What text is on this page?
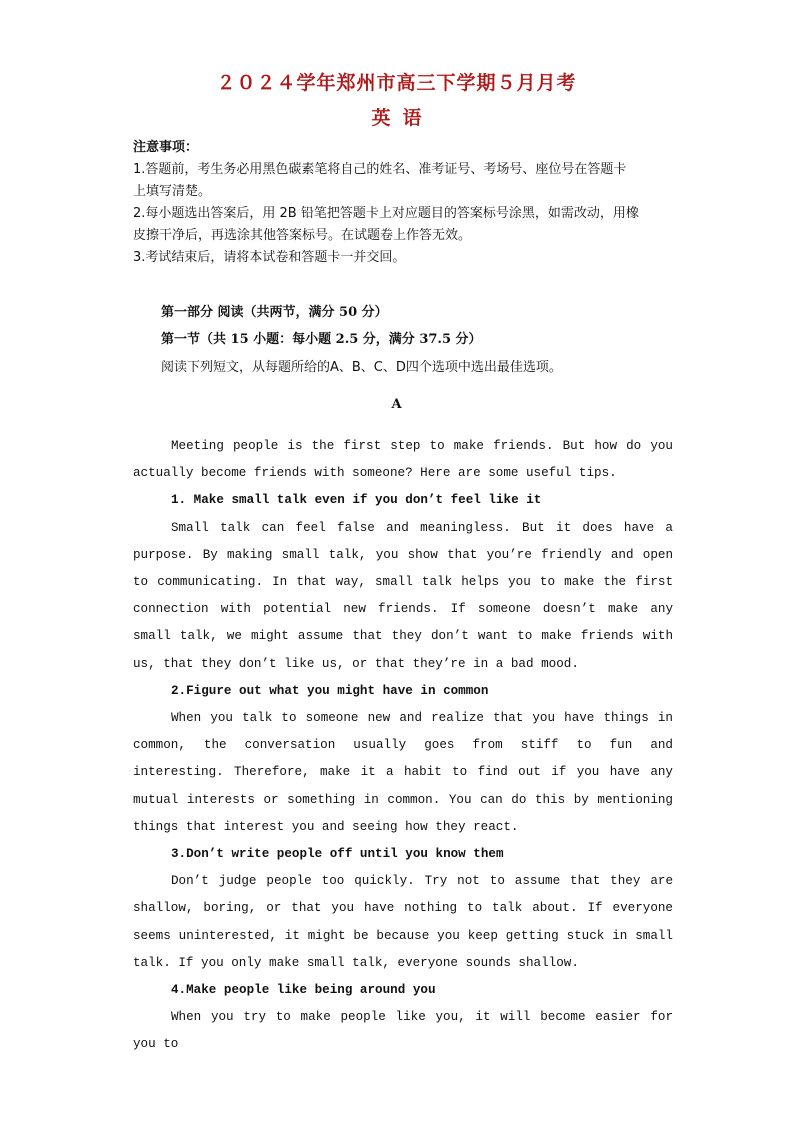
２０２４学年郑州市高三下学期５月月考
英语
注意事项：
1.答题前，考生务必用黑色碳素笔将自己的姓名、准考证号、考场号、座位号在答题卡
上填写清楚。
2.每小题选出答案后，用 2B 铅笔把答题卡上对应题目的答案标号涂黑，如需改动，用橡
皮擦干净后，再选涂其他答案标号。在试题卷上作答无效。
3.考试结束后，请将本试卷和答题卡一并交回。
第一部分 阅读（共两节，满分 50 分）
第一节（共 15 小题：每小题 2.5 分，满分 37.5 分）
阅读下列短文，从每题所给的A、B、C、D四个选项中选出最佳选项。
A

Meeting people is the first step to make friends. But how do you actually become friends with someone? Here are some useful tips.

1. Make small talk even if you don’t feel like it

Small talk can feel false and meaningless. But it does have a purpose. By making small talk, you show that you’re friendly and open to communicating. In that way, small talk helps you to make the first connection with potential new friends. If someone doesn’t make any small talk, we might assume that they don’t want to make friends with us, that they don’t like us, or that they’re in a bad mood.

2.Figure out what you might have in common

When you talk to someone new and realize that you have things in common, the conversation usually goes from stiff to fun and interesting. Therefore, make it a habit to find out if you have any mutual interests or something in common. You can do this by mentioning things that interest you and seeing how they react.

3.Don’t write people off until you know them

Don’t judge people too quickly. Try not to assume that they are shallow, boring, or that you have nothing to talk about. If everyone seems uninterested, it might be because you keep getting stuck in small talk. If you only make small talk, everyone sounds shallow.

4.Make people like being around you

When you try to make people like you, it will become easier for you to
